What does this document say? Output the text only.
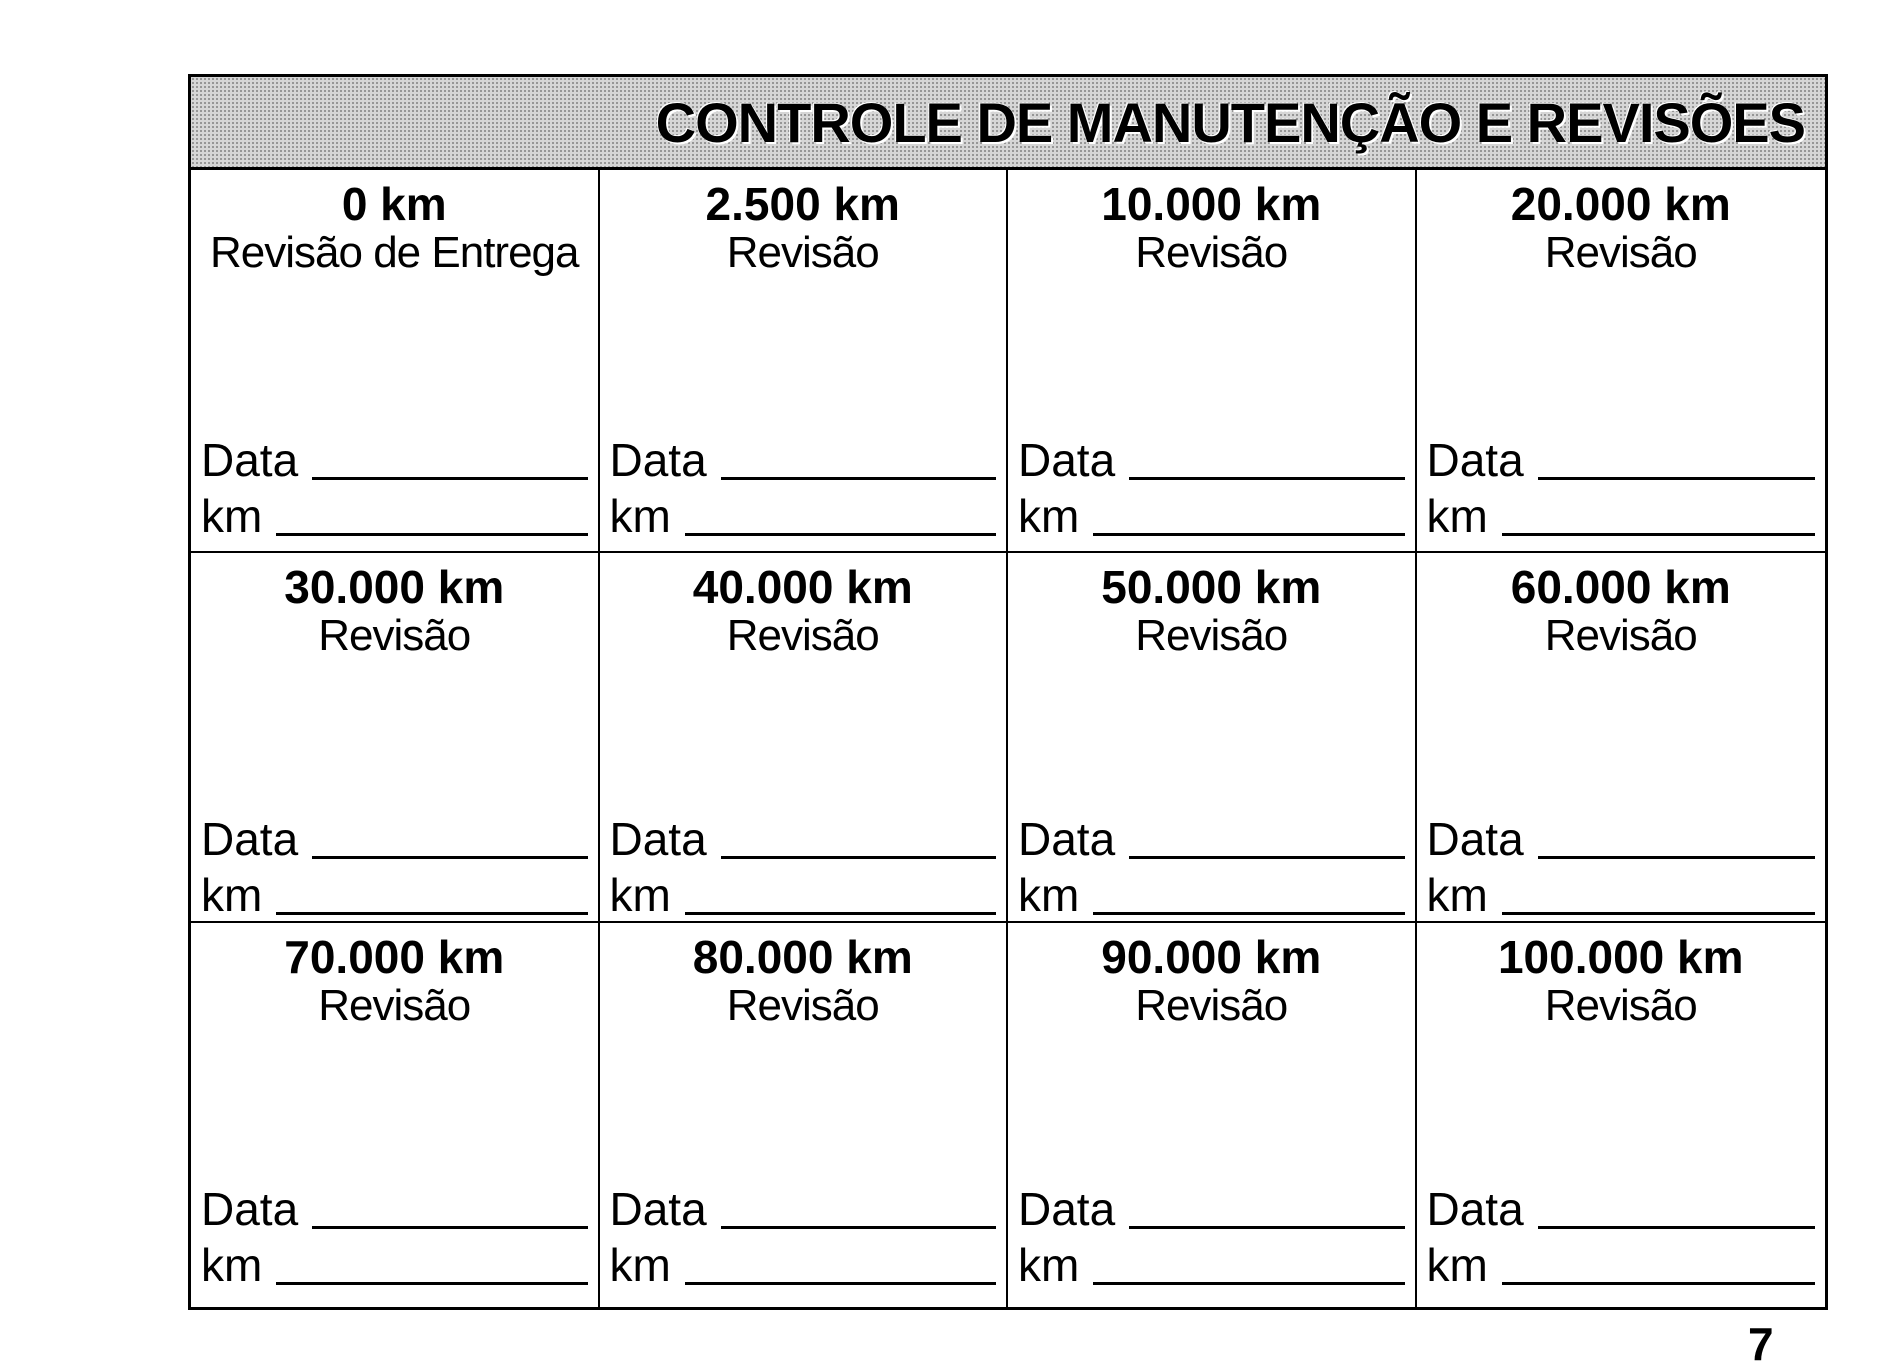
CONTROLE DE MANUTENÇÃO E REVISÕES
0 km
Revisão de Entrega
Data
km
2.500 km
Revisão
Data
km
10.000 km
Revisão
Data
km
20.000 km
Revisão
Data
km
30.000 km
Revisão
Data
km
40.000 km
Revisão
Data
km
50.000 km
Revisão
Data
km
60.000 km
Revisão
Data
km
70.000 km
Revisão
Data
km
80.000 km
Revisão
Data
km
90.000 km
Revisão
Data
km
100.000 km
Revisão
Data
km
7
